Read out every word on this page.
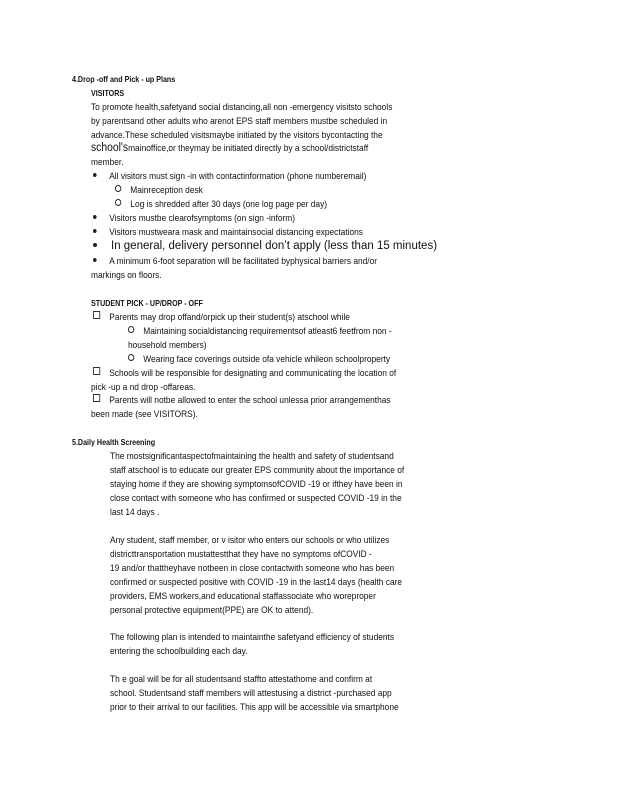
4.Drop -off and Pick - up Plans
VISITORS
To promote health,safetyand social distancing,all non -emergency visitsto schools
by parentsand other adults who arenot EPS staff members mustbe scheduled in
advance.These scheduled visitsmaybe initiated by the visitors bycontacting the
school'smainoffice,or theymay be initiated directly by a school/districtstaff
member.
All visitors must sign -in with contactinformation (phone numberemail)
Mainreception desk
Log is shredded after 30 days (one log page per day)
Visitors mustbe clearofsymptoms (on sign -inform)
Visitors mustweara mask and maintainsocial distancing expectations
In general, delivery personnel don’t apply (less than 15 minutes)
A minimum 6-foot separation will be facilitated byphysical barriers and/or
markings on floors.
STUDENT PICK - UP/DROP - OFF
Parents may drop offand/orpick up their student(s) atschool while
Maintaining socialdistancing requirementsof atleast6 feetfrom non -
household members)
Wearing face coverings outside ofa vehicle whileon schoolproperty
Schools will be responsible for designating and communicating the location of
pick -up a nd drop -offareas.
Parents will notbe allowed to enter the school unlessa prior arrangementhas
been made (see VISITORS).
5.Daily Health Screening
The mostsignificantaspectofmaintaining the health and safety of studentsand
staff atschool is to educate our greater EPS community about the importance of
staying home if they are showing symptomsofCOVID -19 or ifthey have been in
close contact with someone who has confirmed or suspected COVID -19 in the
last 14 days .
Any student, staff member, or v isitor who enters our schools or who utilizes
districttransportation mustattestthat they have no symptoms ofCOVID -
19 and/or thattheyhave notbeen in close contactwith someone who has been
confirmed or suspected positive with COVID -19 in the last14 days (health care
providers, EMS workers,and educational staffassociate who woreproper
personal protective equipment(PPE) are OK to attend).
The following plan is intended to maintainthe safetyand efficiency of students
entering the schoolbuilding each day.
Th e goal will be for all studentsand staffto attestathome and confirm at
school. Studentsand staff members will attestusing a district -purchased app
prior to their arrival to our facilities. This app will be accessible via smartphone
